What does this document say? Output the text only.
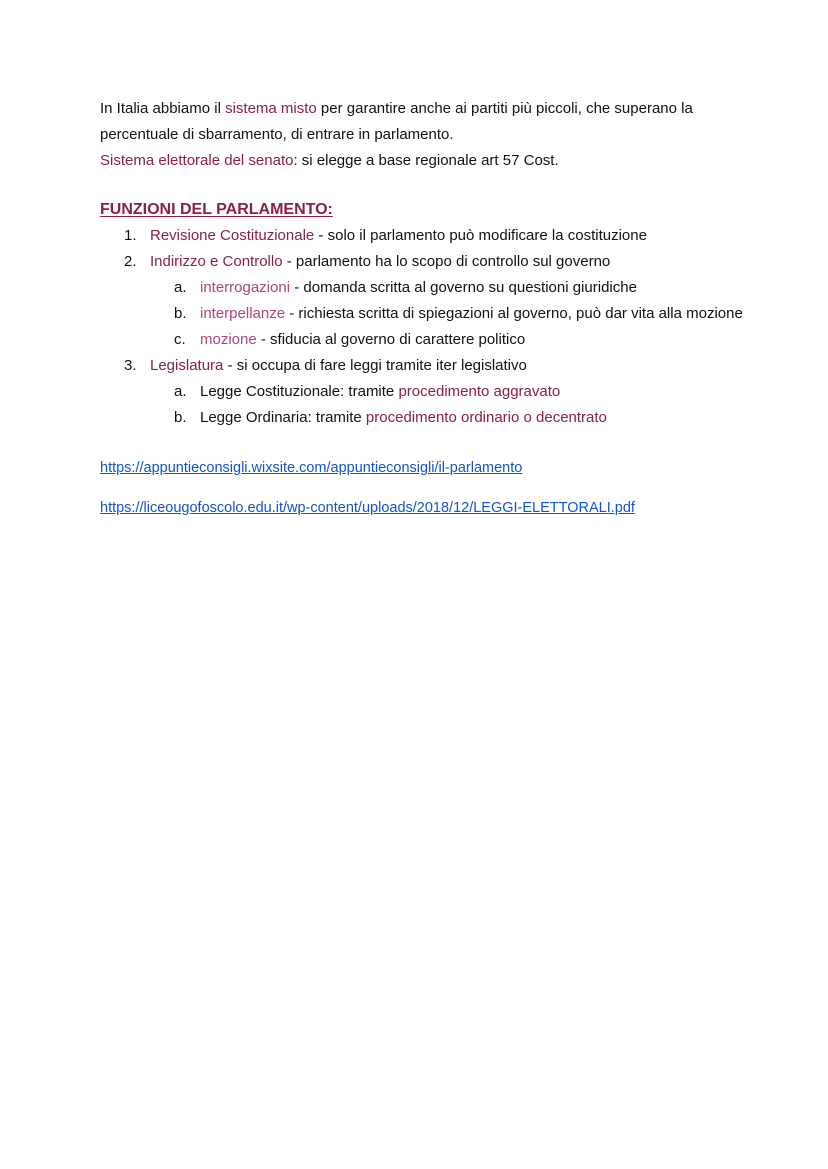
In Italia abbiamo il sistema misto per garantire anche ai partiti più piccoli, che superano la percentuale di sbarramento, di entrare in parlamento.

Sistema elettorale del senato: si elegge a base regionale art 57 Cost.

FUNZIONI DEL PARLAMENTO:
1. Revisione Costituzionale - solo il parlamento può modificare la costituzione
2. Indirizzo e Controllo - parlamento ha lo scopo di controllo sul governo
a. interrogazioni - domanda scritta al governo su questioni giuridiche
b. interpellanze - richiesta scritta di spiegazioni al governo, può dar vita alla mozione
c. mozione - sfiducia al governo di carattere politico
3. Legislatura - si occupa di fare leggi tramite iter legislativo
a. Legge Costituzionale: tramite procedimento aggravato
b. Legge Ordinaria: tramite procedimento ordinario o decentrato
https://appuntieconsigli.wixsite.com/appuntieconsigli/il-parlamento
https://liceougofoscolo.edu.it/wp-content/uploads/2018/12/LEGGI-ELETTORALI.pdf
